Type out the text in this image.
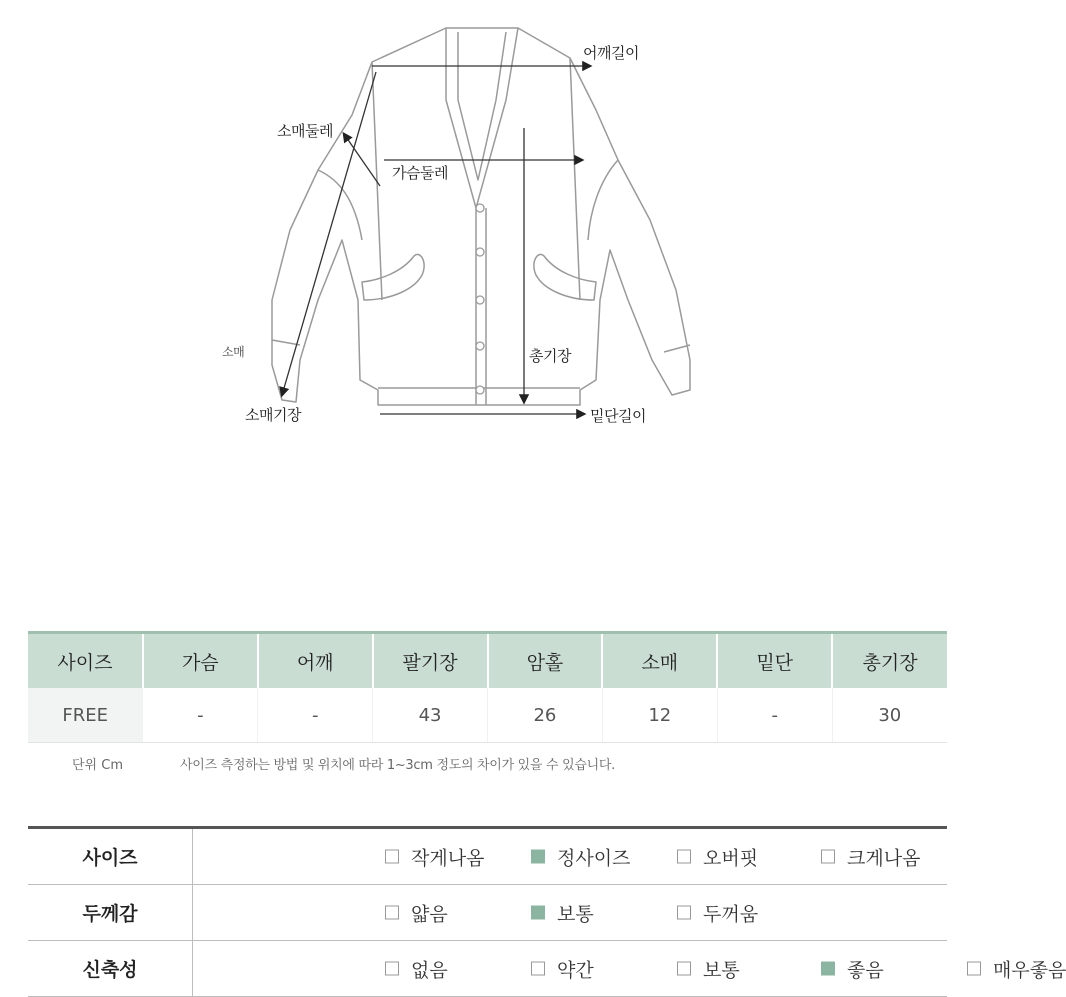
어깨길이
소매둘레
가슴둘레
소매	총기장
소매기장	밑단길이
사이즈	가슴	어깨	팔기장	암홀	소매	밑단	총기장
FREE	-	-	43	26	12	-	30
단위 Cm	사이즈 측정하는 방법 및 위치에 따라 1~3cm 정도의 차이가 있을 수 있습니다.
사이즈	작게나옴 정사이즈 오버핏 크게나옴

두께감	얇음 보통 두꺼움

신축성	없음 약간 보통 좋음 매우좋음
